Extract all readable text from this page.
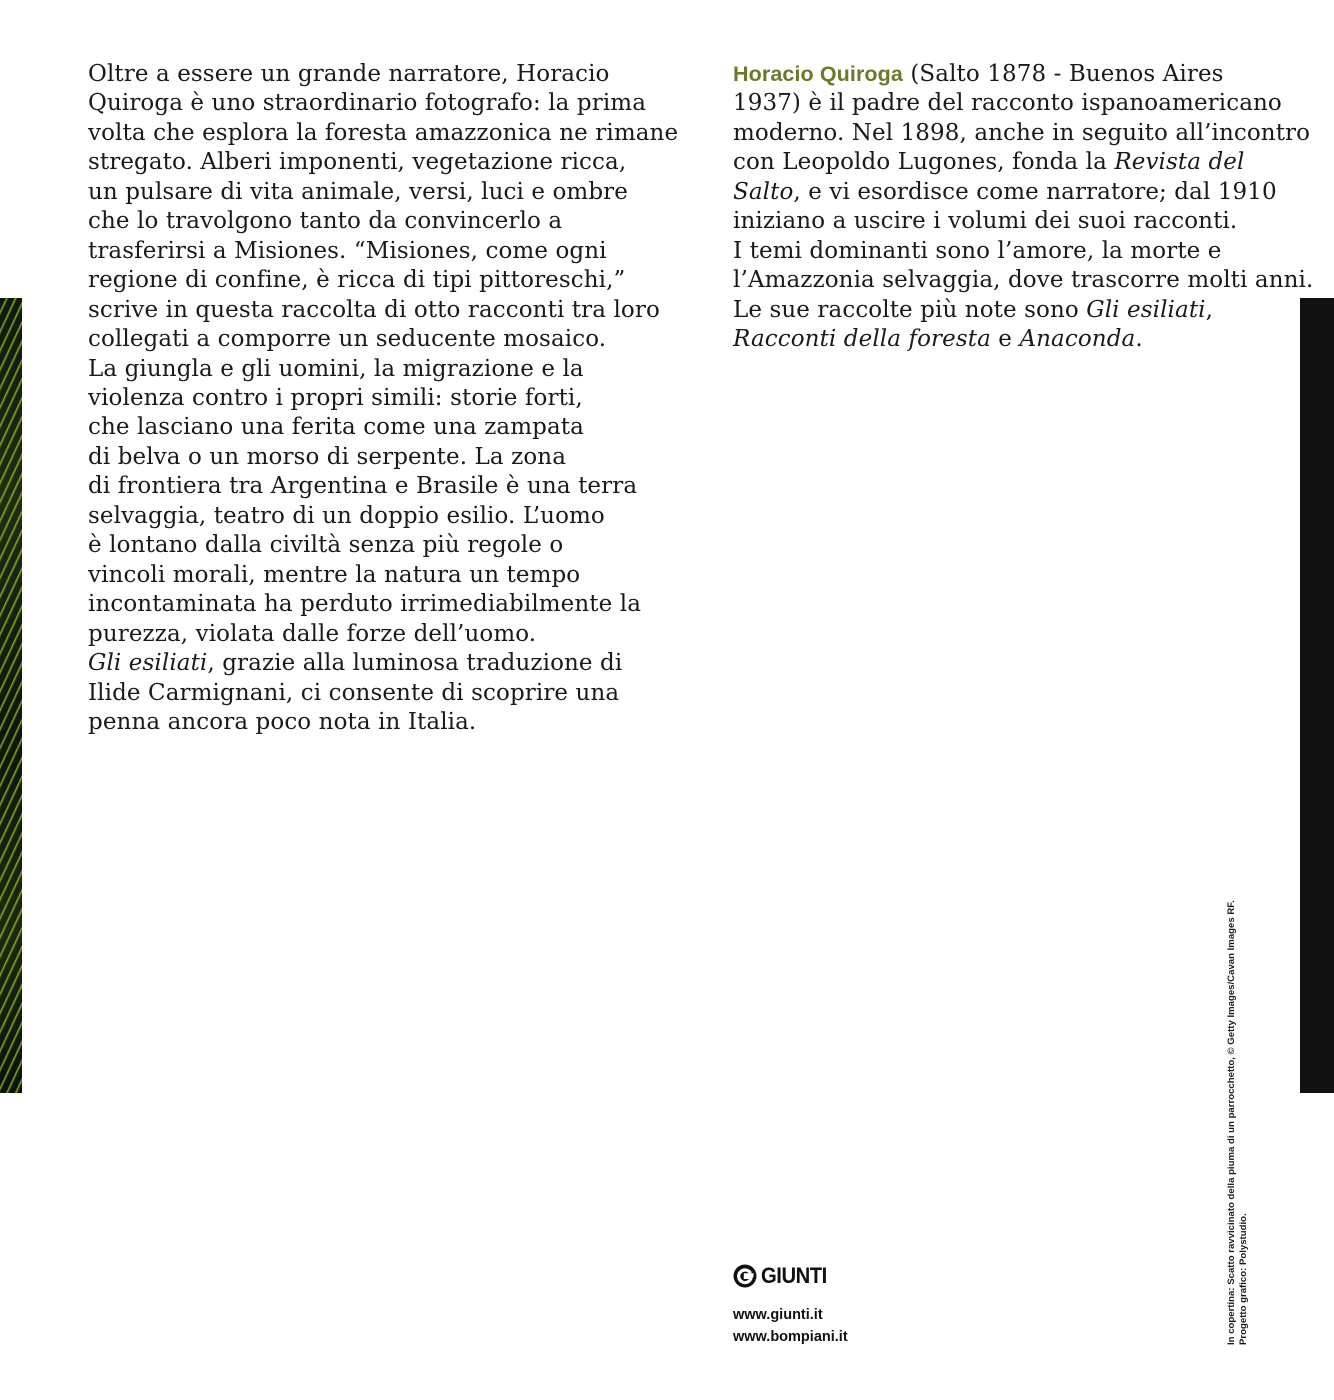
Oltre a essere un grande narratore, Horacio
Quiroga è uno straordinario fotografo: la prima
volta che esplora la foresta amazzonica ne rimane
stregato. Alberi imponenti, vegetazione ricca,
un pulsare di vita animale, versi, luci e ombre
che lo travolgono tanto da convincerlo a
trasferirsi a Misiones. “Misiones, come ogni
regione di confine, è ricca di tipi pittoreschi,”
scrive in questa raccolta di otto racconti tra loro
collegati a comporre un seducente mosaico.
La giungla e gli uomini, la migrazione e la
violenza contro i propri simili: storie forti,
che lasciano una ferita come una zampata
di belva o un morso di serpente. La zona
di frontiera tra Argentina e Brasile è una terra
selvaggia, teatro di un doppio esilio. L’uomo
è lontano dalla civiltà senza più regole o
vincoli morali, mentre la natura un tempo
incontaminata ha perduto irrimediabilmente la
purezza, violata dalle forze dell’uomo.
Gli esiliati, grazie alla luminosa traduzione di
Ilide Carmignani, ci consente di scoprire una
penna ancora poco nota in Italia.
Horacio Quiroga (Salto 1878 - Buenos Aires
1937) è il padre del racconto ispanoamericano
moderno. Nel 1898, anche in seguito all’incontro
con Leopoldo Lugones, fonda la Revista del
Salto, e vi esordisce come narratore; dal 1910
iniziano a uscire i volumi dei suoi racconti.
I temi dominanti sono l’amore, la morte e
l’Amazzonia selvaggia, dove trascorre molti anni.
Le sue raccolte più note sono Gli esiliati,
Racconti della foresta e Anaconda.
GIUNTI
www.giunti.it
www.bompiani.it	In copertina: Scatto ravvicinato della piuma di un parrocchetto, © Getty Images/Cavan Images RF. Progetto grafico: Polystudio.
